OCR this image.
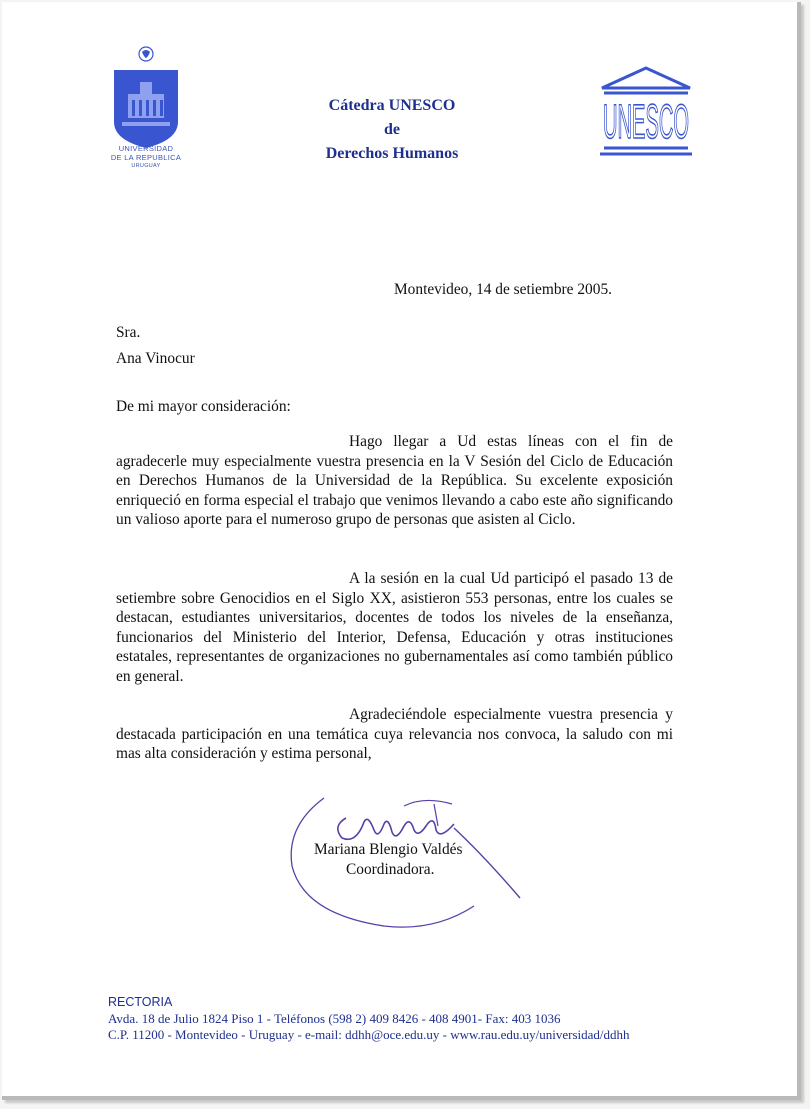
UNIVERSIDAD
DE LA REPUBLICA
URUGUAY
Cátedra UNESCO
de
Derechos Humanos
UNESCO
Montevideo, 14 de setiembre 2005.
Sra.
Ana Vinocur
De mi mayor consideración:
Hago llegar a Ud estas líneas con el fin de agradecerle muy especialmente vuestra presencia en la V Sesión del Ciclo de Educación en Derechos Humanos de la Universidad de la República. Su excelente exposición enriqueció en forma especial el trabajo que venimos llevando a cabo este año significando un valioso aporte para el numeroso grupo de personas que asisten al Ciclo.
A la sesión en la cual Ud participó el pasado 13 de setiembre sobre Genocidios en el Siglo XX, asistieron 553 personas, entre los cuales se destacan, estudiantes universitarios, docentes de todos los niveles de la enseñanza, funcionarios del Ministerio del Interior, Defensa, Educación y otras instituciones estatales, representantes de organizaciones no gubernamentales así como también público en general.
Agradeciéndole especialmente vuestra presencia y destacada participación en una temática cuya relevancia nos convoca, la saludo con mi mas alta consideración y estima personal,
Mariana Blengio Valdés
Coordinadora.
RECTORIA
Avda. 18 de Julio 1824 Piso 1 - Teléfonos (598 2) 409 8426 - 408 4901- Fax: 403 1036
C.P. 11200 - Montevideo - Uruguay - e-mail: ddhh@oce.edu.uy - www.rau.edu.uy/universidad/ddhh
